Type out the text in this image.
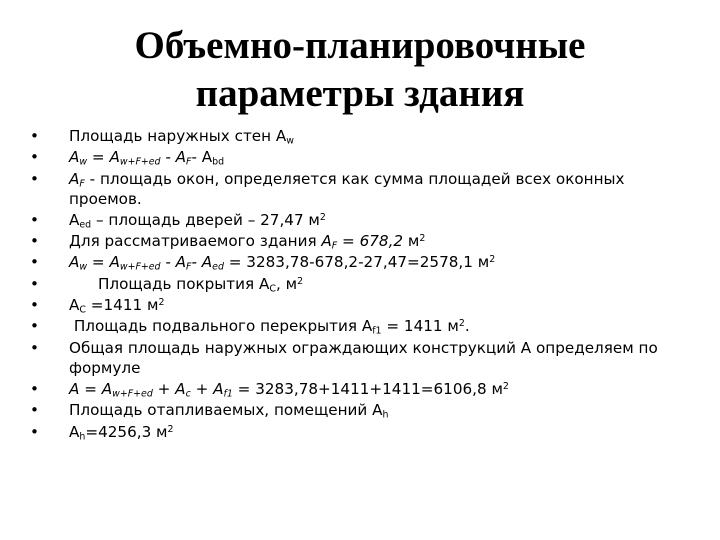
Объемно-планировочные
параметры здания
•	Площадь наружных стен $A_w$
•	$A_w = A_{w+F+ed} - A_F-$ $A_{bd}$
•	$A_F$ - площадь окон, определяется как сумма площадей всех оконных проемов.
•	$A_{ed}$ – площадь дверей – 27,47 $м^2$
•	Для рассматриваемого здания $A_F = 678,2$ $м^2$
•	$A_w = A_{w+F+ed} - A_F-$ $A_{ed} = 3283,78-678,2-27,47=2578,1$ $м^2$
•	Площадь покрытия $A_C$, $м^2$
•	$A_C =1411$ $м^2$
•	Площадь подвального перекрытия $A_{f1} = 1411$ $м^2$.
•	Общая площадь наружных ограждающих конструкций A определяем по формуле
•	$A = A_{w+F+ed} + A_c + A_{f1} = 3283,78+1411+1411=6106,8$ $м^2$
•	Площадь отапливаемых, помещений $A_h$
•	$A_h=4256,3$ $м^2$
